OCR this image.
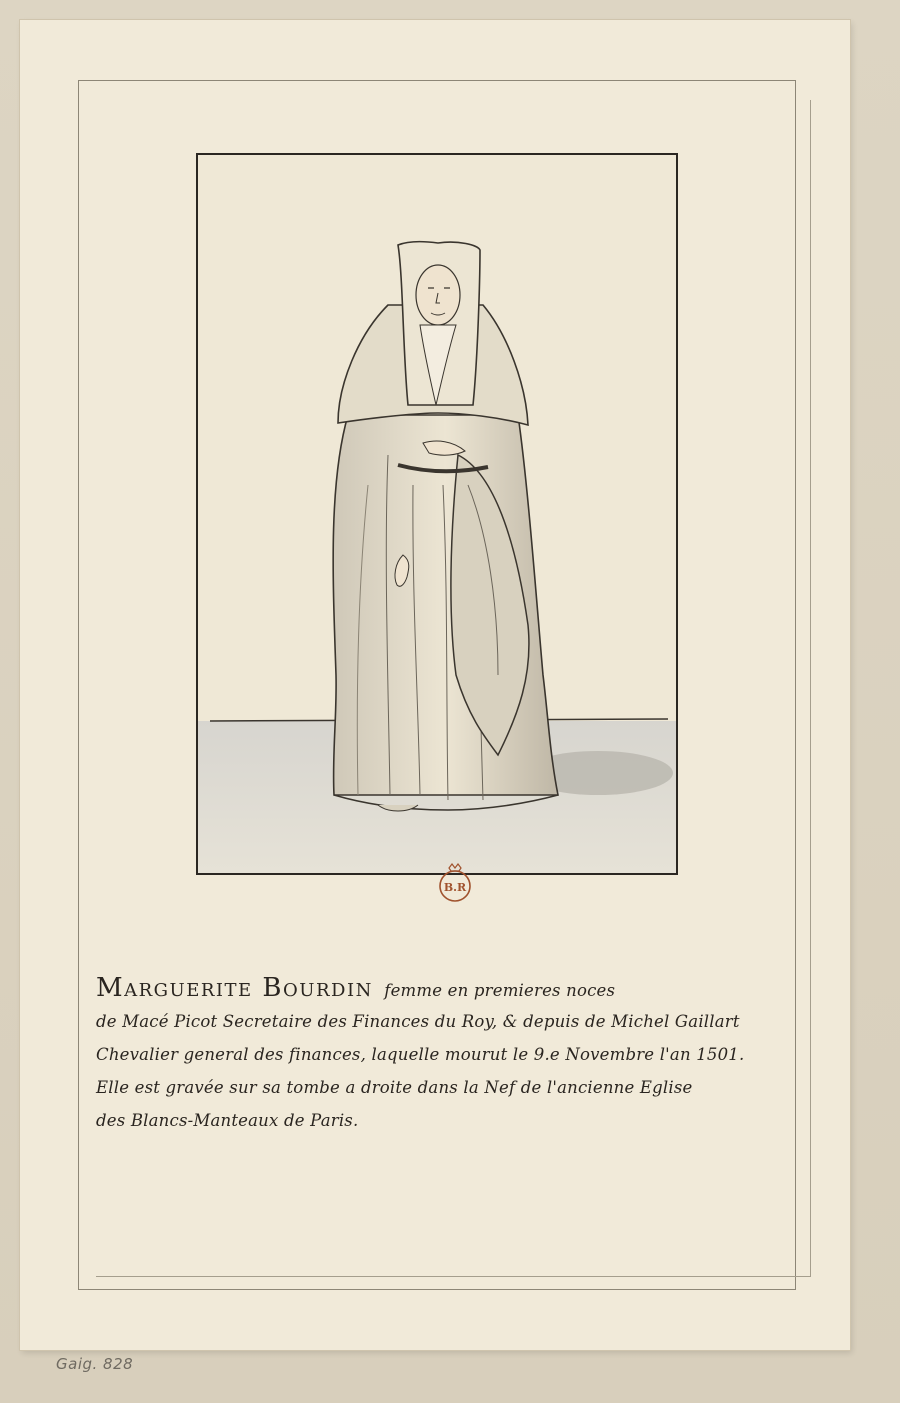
B.R
Marguerite Bourdin femme en premieres noces
de Macé Picot Secretaire des Finances du Roy, & depuis de Michel Gaillart
Chevalier general des finances, laquelle mourut le 9.e Novembre l'an 1501.
Elle est gravée sur sa tombe a droite dans la Nef de l'ancienne Eglise
des Blancs-Manteaux de Paris.
Gaig. 828
